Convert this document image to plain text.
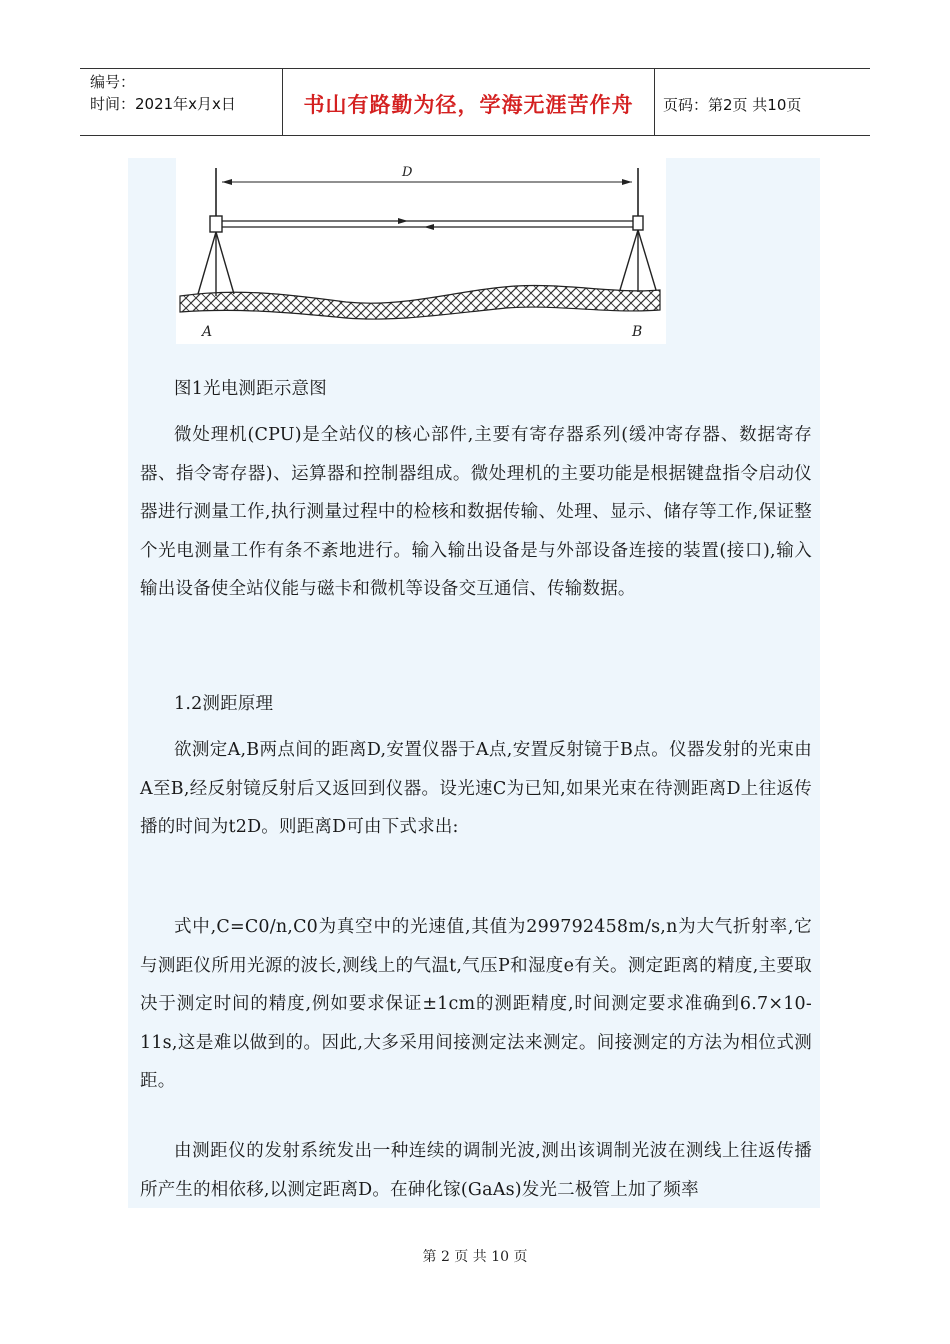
编号：
时间：2021年x月x日	书山有路勤为径，学海无涯苦作舟	页码：第2页 共10页
D
A	B
图1光电测距示意图
微处理机(CPU)是全站仪的核心部件,主要有寄存器系列(缓冲寄存器、数据寄存器、指令寄存器)、运算器和控制器组成。微处理机的主要功能是根据键盘指令启动仪器进行测量工作,执行测量过程中的检核和数据传输、处理、显示、储存等工作,保证整个光电测量工作有条不紊地进行。输入输出设备是与外部设备连接的装置(接口),输入输出设备使全站仪能与磁卡和微机等设备交互通信、传输数据。
1.2测距原理
欲测定A,B两点间的距离D,安置仪器于A点,安置反射镜于B点。仪器发射的光束由A至B,经反射镜反射后又返回到仪器。设光速C为已知,如果光束在待测距离D上往返传播的时间为t2D。则距离D可由下式求出:
式中,C=C0/n,C0为真空中的光速值,其值为299792458m/s,n为大气折射率,它与测距仪所用光源的波长,测线上的气温t,气压P和湿度e有关。测定距离的精度,主要取决于测定时间的精度,例如要求保证±1cm的测距精度,时间测定要求准确到6.7×10-11s,这是难以做到的。因此,大多采用间接测定法来测定。间接测定的方法为相位式测距。
由测距仪的发射系统发出一种连续的调制光波,测出该调制光波在测线上往返传播所产生的相依移,以测定距离D。在砷化镓(GaAs)发光二极管上加了频率
第 2 页 共 10 页
